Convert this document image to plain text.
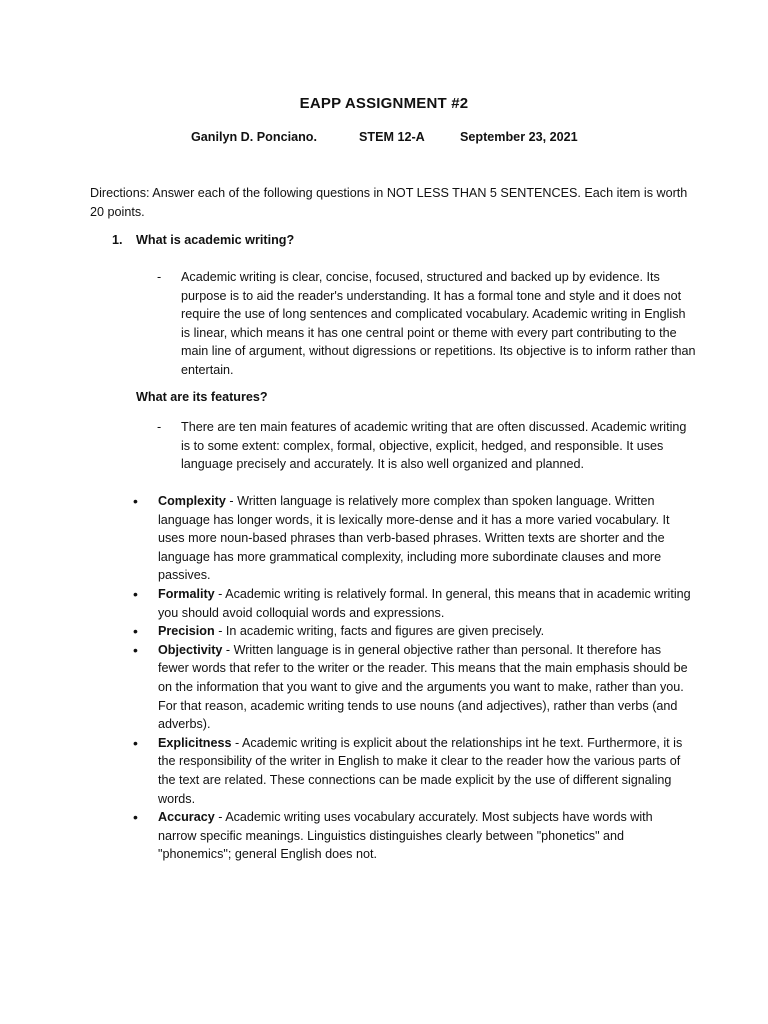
EAPP ASSIGNMENT #2
Ganilyn D. Ponciano.	STEM 12-A	September 23, 2021
Directions: Answer each of the following questions in NOT LESS THAN 5 SENTENCES. Each item is worth 20 points.
1. What is academic writing?
- Academic writing is clear, concise, focused, structured and backed up by evidence. Its purpose is to aid the reader's understanding. It has a formal tone and style and it does not require the use of long sentences and complicated vocabulary. Academic writing in English is linear, which means it has one central point or theme with every part contributing to the main line of argument, without digressions or repetitions. Its objective is to inform rather than entertain.
What are its features?
- There are ten main features of academic writing that are often discussed. Academic writing is to some extent: complex, formal, objective, explicit, hedged, and responsible. It uses language precisely and accurately. It is also well organized and planned.
• Complexity - Written language is relatively more complex than spoken language. Written language has longer words, it is lexically more-dense and it has a more varied vocabulary. It uses more noun-based phrases than verb-based phrases. Written texts are shorter and the language has more grammatical complexity, including more subordinate clauses and more passives.
• Formality - Academic writing is relatively formal. In general, this means that in academic writing you should avoid colloquial words and expressions.
• Precision - In academic writing, facts and figures are given precisely.
• Objectivity - Written language is in general objective rather than personal. It therefore has fewer words that refer to the writer or the reader. This means that the main emphasis should be on the information that you want to give and the arguments you want to make, rather than you. For that reason, academic writing tends to use nouns (and adjectives), rather than verbs (and adverbs).
• Explicitness - Academic writing is explicit about the relationships int he text. Furthermore, it is the responsibility of the writer in English to make it clear to the reader how the various parts of the text are related. These connections can be made explicit by the use of different signaling words.
• Accuracy - Academic writing uses vocabulary accurately. Most subjects have words with narrow specific meanings. Linguistics distinguishes clearly between "phonetics" and "phonemics"; general English does not.
